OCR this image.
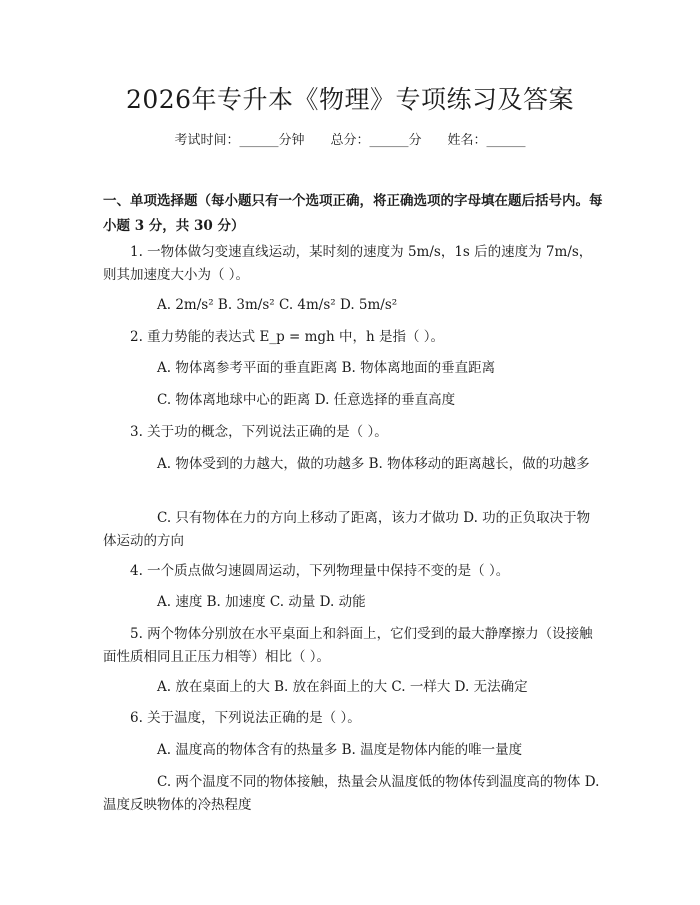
2026年专升本《物理》专项练习及答案
考试时间：______分钟 总分：______分 姓名：______
一、单项选择题（每小题只有一个选项正确，将正确选项的字母填在题后括号内。每小题 3 分，共 30 分）
1. 一物体做匀变速直线运动，某时刻的速度为 5m/s，1s 后的速度为 7m/s，则其加速度大小为（ ）。
A. 2m/s² B. 3m/s² C. 4m/s² D. 5m/s²
2. 重力势能的表达式 E_p = mgh 中，h 是指（ ）。
A. 物体离参考平面的垂直距离 B. 物体离地面的垂直距离
C. 物体离地球中心的距离 D. 任意选择的垂直高度
3. 关于功的概念，下列说法正确的是（ ）。
A. 物体受到的力越大，做的功越多 B. 物体移动的距离越长，做的功越多
C. 只有物体在力的方向上移动了距离，该力才做功 D. 功的正负取决于物体运动的方向
4. 一个质点做匀速圆周运动，下列物理量中保持不变的是（ ）。
A. 速度 B. 加速度 C. 动量 D. 动能
5. 两个物体分别放在水平桌面上和斜面上，它们受到的最大静摩擦力（设接触面性质相同且正压力相等）相比（ ）。
A. 放在桌面上的大 B. 放在斜面上的大 C. 一样大 D. 无法确定
6. 关于温度，下列说法正确的是（ ）。
A. 温度高的物体含有的热量多 B. 温度是物体内能的唯一量度
C. 两个温度不同的物体接触，热量会从温度低的物体传到温度高的物体 D. 温度反映物体的冷热程度
